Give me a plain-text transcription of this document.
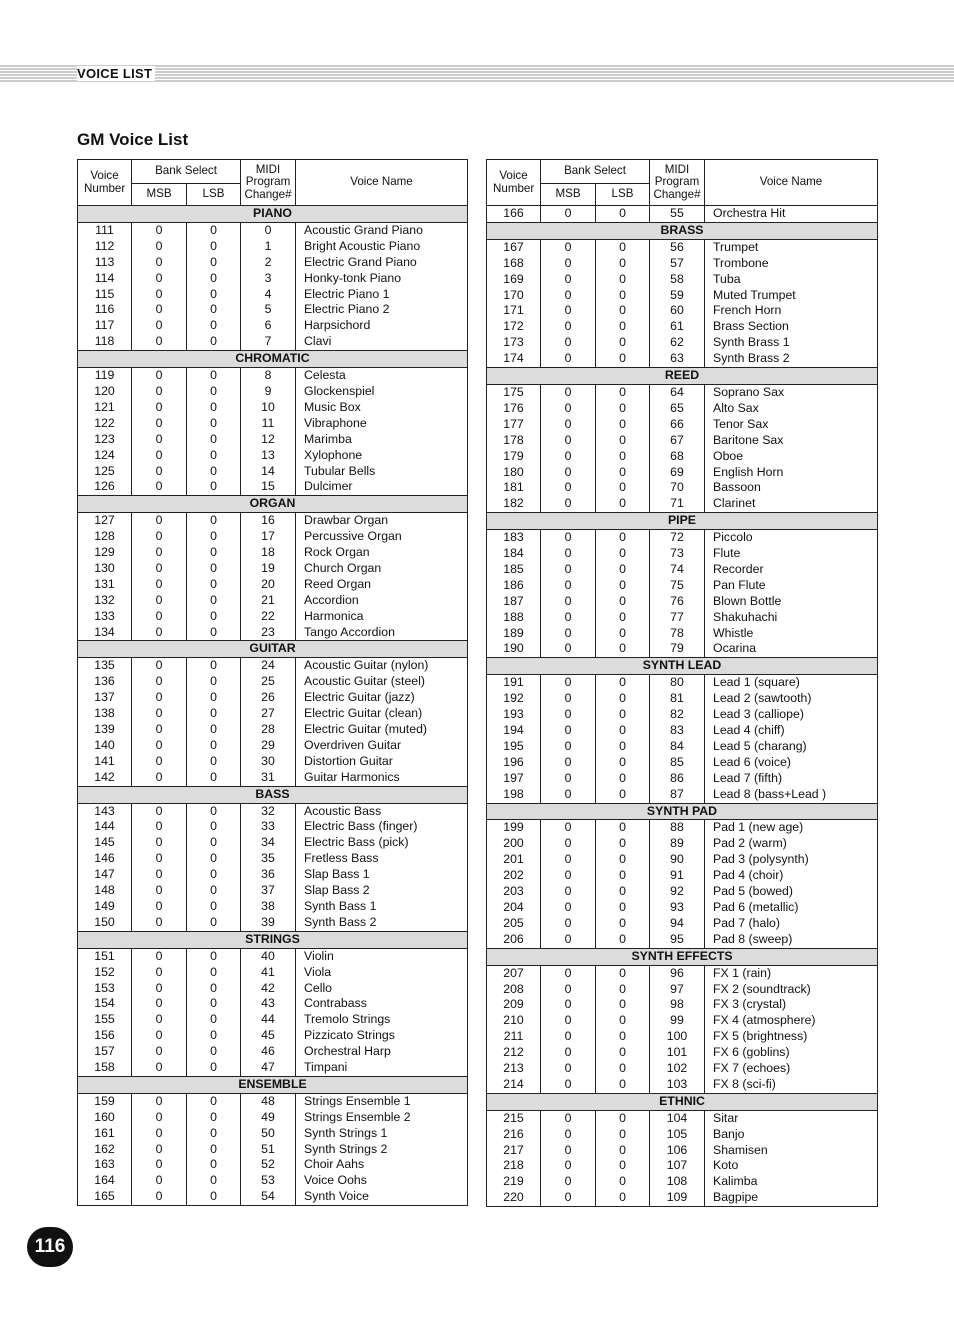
VOICE LIST
GM Voice List
Voice Number	Bank Select		MIDI Program Change#	Voice Name
	MSB	LSB		
PIANO				
111	0	0	0	Acoustic Grand Piano
112	0	0	1	Bright Acoustic Piano
113	0	0	2	Electric Grand Piano
114	0	0	3	Honky-tonk Piano
115	0	0	4	Electric Piano 1
116	0	0	5	Electric Piano 2
117	0	0	6	Harpsichord
118	0	0	7	Clavi
CHROMATIC				
119	0	0	8	Celesta
120	0	0	9	Glockenspiel
121	0	0	10	Music Box
122	0	0	11	Vibraphone
123	0	0	12	Marimba
124	0	0	13	Xylophone
125	0	0	14	Tubular Bells
126	0	0	15	Dulcimer
ORGAN				
127	0	0	16	Drawbar Organ
128	0	0	17	Percussive Organ
129	0	0	18	Rock Organ
130	0	0	19	Church Organ
131	0	0	20	Reed Organ
132	0	0	21	Accordion
133	0	0	22	Harmonica
134	0	0	23	Tango Accordion
GUITAR				
135	0	0	24	Acoustic Guitar (nylon)
136	0	0	25	Acoustic Guitar (steel)
137	0	0	26	Electric Guitar (jazz)
138	0	0	27	Electric Guitar (clean)
139	0	0	28	Electric Guitar (muted)
140	0	0	29	Overdriven Guitar
141	0	0	30	Distortion Guitar
142	0	0	31	Guitar Harmonics
BASS				
143	0	0	32	Acoustic Bass
144	0	0	33	Electric Bass (finger)
145	0	0	34	Electric Bass (pick)
146	0	0	35	Fretless Bass
147	0	0	36	Slap Bass 1
148	0	0	37	Slap Bass 2
149	0	0	38	Synth Bass 1
150	0	0	39	Synth Bass 2
STRINGS				
151	0	0	40	Violin
152	0	0	41	Viola
153	0	0	42	Cello
154	0	0	43	Contrabass
155	0	0	44	Tremolo Strings
156	0	0	45	Pizzicato Strings
157	0	0	46	Orchestral Harp
158	0	0	47	Timpani
ENSEMBLE				
159	0	0	48	Strings Ensemble 1
160	0	0	49	Strings Ensemble 2
161	0	0	50	Synth Strings 1
162	0	0	51	Synth Strings 2
163	0	0	52	Choir Aahs
164	0	0	53	Voice Oohs
165	0	0	54	Synth Voice
Voice Number	Bank Select		MIDI Program Change#	Voice Name
	MSB	LSB		
166	0	0	55	Orchestra Hit
BRASS				
167	0	0	56	Trumpet
168	0	0	57	Trombone
169	0	0	58	Tuba
170	0	0	59	Muted Trumpet
171	0	0	60	French Horn
172	0	0	61	Brass Section
173	0	0	62	Synth Brass 1
174	0	0	63	Synth Brass 2
REED				
175	0	0	64	Soprano Sax
176	0	0	65	Alto Sax
177	0	0	66	Tenor Sax
178	0	0	67	Baritone Sax
179	0	0	68	Oboe
180	0	0	69	English Horn
181	0	0	70	Bassoon
182	0	0	71	Clarinet
PIPE				
183	0	0	72	Piccolo
184	0	0	73	Flute
185	0	0	74	Recorder
186	0	0	75	Pan Flute
187	0	0	76	Blown Bottle
188	0	0	77	Shakuhachi
189	0	0	78	Whistle
190	0	0	79	Ocarina
SYNTH LEAD				
191	0	0	80	Lead 1 (square)
192	0	0	81	Lead 2 (sawtooth)
193	0	0	82	Lead 3 (calliope)
194	0	0	83	Lead 4 (chiff)
195	0	0	84	Lead 5 (charang)
196	0	0	85	Lead 6 (voice)
197	0	0	86	Lead 7 (fifth)
198	0	0	87	Lead 8 (bass+Lead )
SYNTH PAD				
199	0	0	88	Pad 1 (new age)
200	0	0	89	Pad 2 (warm)
201	0	0	90	Pad 3 (polysynth)
202	0	0	91	Pad 4 (choir)
203	0	0	92	Pad 5 (bowed)
204	0	0	93	Pad 6 (metallic)
205	0	0	94	Pad 7 (halo)
206	0	0	95	Pad 8 (sweep)
SYNTH EFFECTS				
207	0	0	96	FX 1 (rain)
208	0	0	97	FX 2 (soundtrack)
209	0	0	98	FX 3 (crystal)
210	0	0	99	FX 4 (atmosphere)
211	0	0	100	FX 5 (brightness)
212	0	0	101	FX 6 (goblins)
213	0	0	102	FX 7 (echoes)
214	0	0	103	FX 8 (sci-fi)
ETHNIC				
215	0	0	104	Sitar
216	0	0	105	Banjo
217	0	0	106	Shamisen
218	0	0	107	Koto
219	0	0	108	Kalimba
220	0	0	109	Bagpipe
116
